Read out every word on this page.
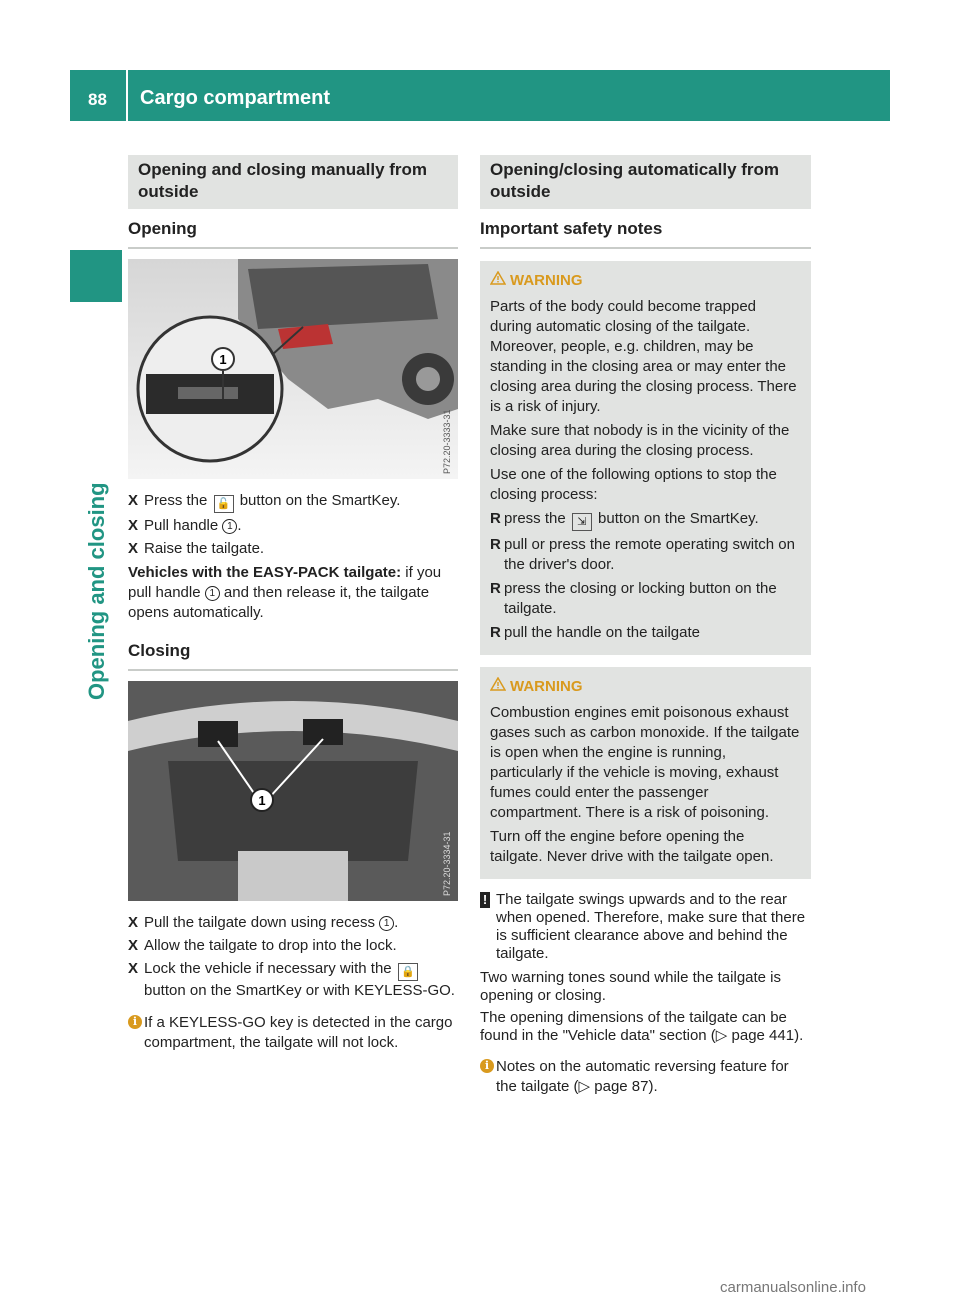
88 Cargo compartment
Opening and closing
Opening and closing manually from outside
Opening
1
P72.20-3333-31
X Press the 🔓 button on the SmartKey.
X Pull handle 1 .
X Raise the tailgate.
Vehicles with the EASY-PACK tailgate: if you pull handle 1 and then release it, the tailgate opens automatically.
Closing
1
P72.20-3334-31
X Pull the tailgate down using recess 1 .
X Allow the tailgate to drop into the lock.
X Lock the vehicle if necessary with the 🔒 button on the SmartKey or with KEYLESS-GO.
i If a KEYLESS-GO key is detected in the cargo compartment, the tailgate will not lock.
Opening/closing automatically from outside
Important safety notes
WARNING
Parts of the body could become trapped during automatic closing of the tailgate. Moreover, people, e.g. children, may be standing in the closing area or may enter the closing area during the closing process. There is a risk of injury.
Make sure that nobody is in the vicinity of the closing area during the closing process.
Use one of the following options to stop the closing process:
R press the ⇲ button on the SmartKey.
R pull or press the remote operating switch on the driver's door.
R press the closing or locking button on the tailgate.
R pull the handle on the tailgate
WARNING
Combustion engines emit poisonous exhaust gases such as carbon monoxide. If the tailgate is open when the engine is running, particularly if the vehicle is moving, exhaust fumes could enter the passenger compartment. There is a risk of poisoning.
Turn off the engine before opening the tailgate. Never drive with the tailgate open.
! The tailgate swings upwards and to the rear when opened. Therefore, make sure that there is sufficient clearance above and behind the tailgate.
Two warning tones sound while the tailgate is opening or closing.
The opening dimensions of the tailgate can be found in the "Vehicle data" section (▷ page 441).
i Notes on the automatic reversing feature for the tailgate (▷ page 87).
carmanualsonline.info
